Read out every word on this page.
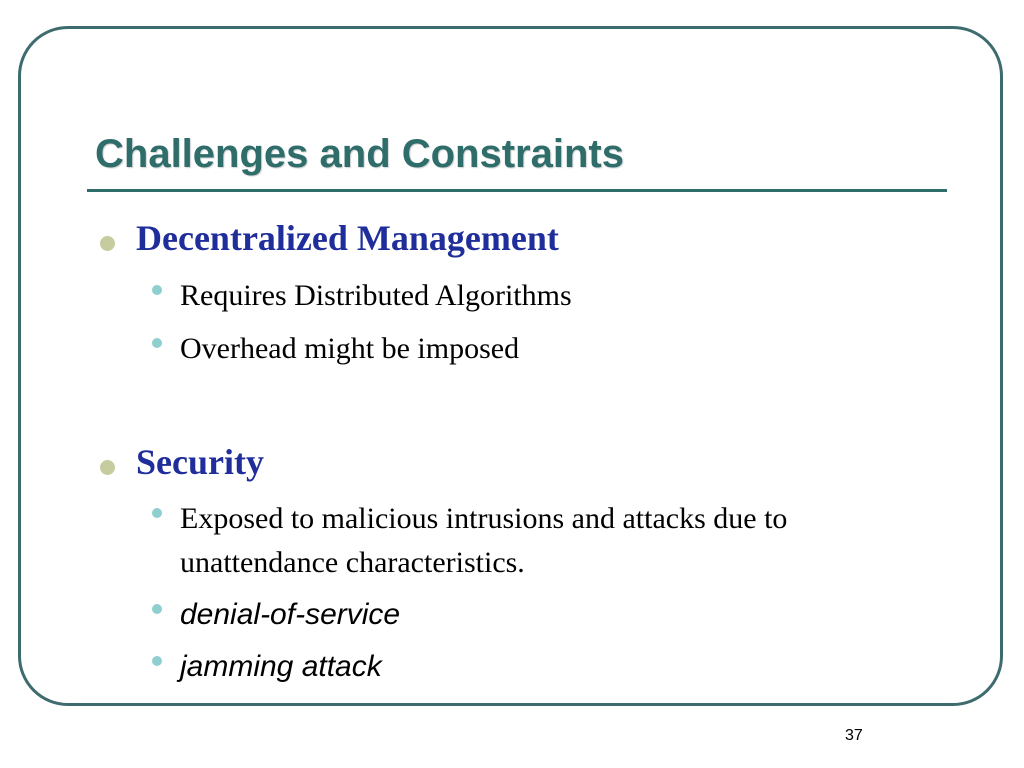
Challenges and Constraints
Decentralized Management
Requires Distributed Algorithms
Overhead might be imposed
Security
Exposed to malicious intrusions and attacks due to
unattendance characteristics.
denial-of-service
jamming attack
37
